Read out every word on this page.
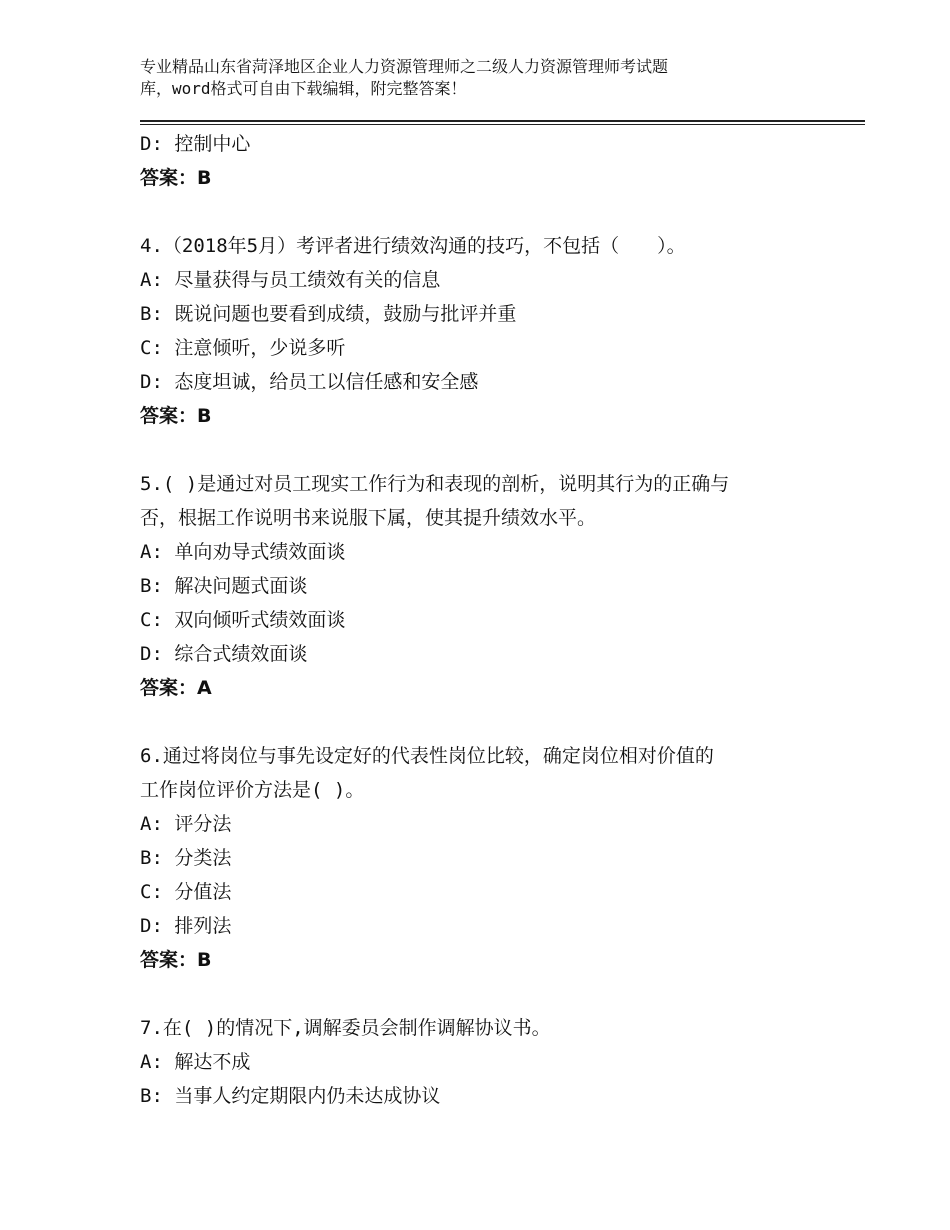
专业精品山东省菏泽地区企业人力资源管理师之二级人力资源管理师考试题
库，word格式可自由下载编辑，附完整答案！
D: 控制中心
答案：B
4.（2018年5月）考评者进行绩效沟通的技巧，不包括（　　）。
A: 尽量获得与员工绩效有关的信息
B: 既说问题也要看到成绩，鼓励与批评并重
C: 注意倾听，少说多听
D: 态度坦诚，给员工以信任感和安全感
答案：B
5.( )是通过对员工现实工作行为和表现的剖析，说明其行为的正确与
否，根据工作说明书来说服下属，使其提升绩效水平。
A: 单向劝导式绩效面谈
B: 解决问题式面谈
C: 双向倾听式绩效面谈
D: 综合式绩效面谈
答案：A
6.通过将岗位与事先设定好的代表性岗位比较，确定岗位相对价值的
工作岗位评价方法是( )。
A: 评分法
B: 分类法
C: 分值法
D: 排列法
答案：B
7.在( )的情况下,调解委员会制作调解协议书。
A: 解达不成
B: 当事人约定期限内仍未达成协议
